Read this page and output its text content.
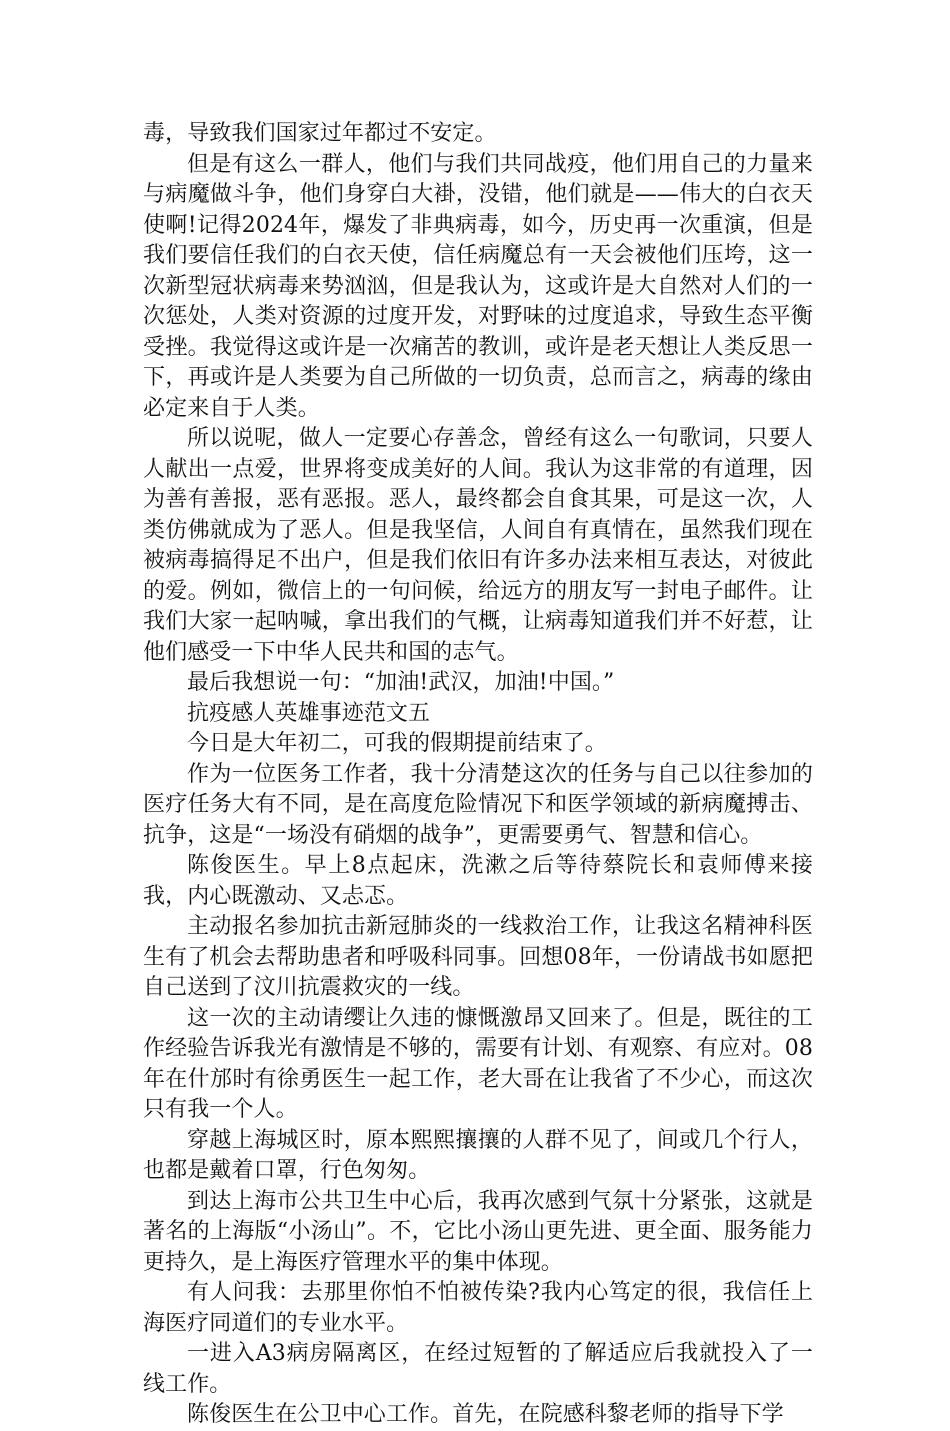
毒，导致我们国家过年都过不安定。

但是有这么一群人，他们与我们共同战疫，他们用自己的力量来与病魔做斗争，他们身穿白大褂，没错，他们就是——伟大的白衣天使啊!记得2024年，爆发了非典病毒，如今，历史再一次重演，但是我们要信任我们的白衣天使，信任病魔总有一天会被他们压垮，这一次新型冠状病毒来势汹汹，但是我认为，这或许是大自然对人们的一次惩处，人类对资源的过度开发，对野味的过度追求，导致生态平衡受挫。我觉得这或许是一次痛苦的教训，或许是老天想让人类反思一下，再或许是人类要为自己所做的一切负责，总而言之，病毒的缘由必定来自于人类。

所以说呢，做人一定要心存善念，曾经有这么一句歌词，只要人人献出一点爱，世界将变成美好的人间。我认为这非常的有道理，因为善有善报，恶有恶报。恶人，最终都会自食其果，可是这一次，人类仿佛就成为了恶人。但是我坚信，人间自有真情在，虽然我们现在被病毒搞得足不出户，但是我们依旧有许多办法来相互表达，对彼此的爱。例如，微信上的一句问候，给远方的朋友写一封电子邮件。让我们大家一起呐喊，拿出我们的气概，让病毒知道我们并不好惹，让他们感受一下中华人民共和国的志气。

最后我想说一句：“加油!武汉，加油!中国。”

抗疫感人英雄事迹范文五

今日是大年初二，可我的假期提前结束了。

作为一位医务工作者，我十分清楚这次的任务与自己以往参加的医疗任务大有不同，是在高度危险情况下和医学领域的新病魔搏击、抗争，这是“一场没有硝烟的战争”，更需要勇气、智慧和信心。

陈俊医生。早上8点起床，洗漱之后等待蔡院长和袁师傅来接我，内心既激动、又忐忑。

主动报名参加抗击新冠肺炎的一线救治工作，让我这名精神科医生有了机会去帮助患者和呼吸科同事。回想08年，一份请战书如愿把自己送到了汶川抗震救灾的一线。

这一次的主动请缨让久违的慷慨激昂又回来了。但是，既往的工作经验告诉我光有激情是不够的，需要有计划、有观察、有应对。08年在什邡时有徐勇医生一起工作，老大哥在让我省了不少心，而这次只有我一个人。

穿越上海城区时，原本熙熙攘攘的人群不见了，间或几个行人，也都是戴着口罩，行色匆匆。

到达上海市公共卫生中心后，我再次感到气氛十分紧张，这就是著名的上海版“小汤山”。不，它比小汤山更先进、更全面、服务能力更持久，是上海医疗管理水平的集中体现。

有人问我：去那里你怕不怕被传染?我内心笃定的很，我信任上海医疗同道们的专业水平。

一进入A3病房隔离区，在经过短暂的了解适应后我就投入了一线工作。

陈俊医生在公卫中心工作。首先，在院感科黎老师的指导下学
